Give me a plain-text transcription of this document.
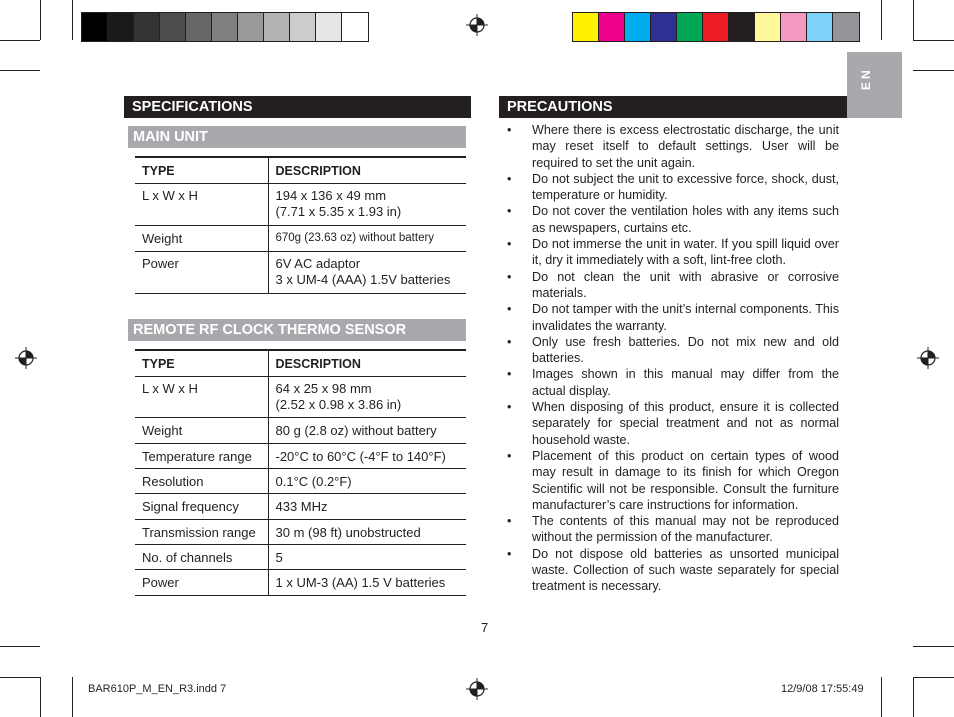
EN
SPECIFICATIONS
MAIN UNIT
TYPE	DESCRIPTION
L x W x H	194 x 136 x 49 mm
(7.71 x 5.35 x 1.93 in)

Weight	670g (23.63 oz) without battery
Power	6V AC adaptor
3 x UM-4 (AAA) 1.5V batteries
REMOTE RF CLOCK THERMO SENSOR
TYPE	DESCRIPTION
L x W x H	64 x 25 x 98 mm
(2.52 x 0.98 x 3.86 in)

Weight	80 g (2.8 oz) without battery
Temperature range	-20°C to 60°C (-4°F to 140°F)
Resolution	0.1°C (0.2°F)
Signal frequency	433 MHz
Transmission range	30 m (98 ft) unobstructed
No. of channels	5
Power	1 x UM-3 (AA) 1.5 V batteries
PRECAUTIONS
• Where there is excess electrostatic discharge, the unit may reset itself to default settings. User will be required to set the unit again.
• Do not subject the unit to excessive force, shock, dust, temperature or humidity.
• Do not cover the ventilation holes with any items such as newspapers, curtains etc.
• Do not immerse the unit in water. If you spill liquid over it, dry it immediately with a soft, lint-free cloth.
• Do not clean the unit with abrasive or corrosive materials.
• Do not tamper with the unit’s internal components. This invalidates the warranty.
• Only use fresh batteries. Do not mix new and old batteries.
• Images shown in this manual may differ from the actual display.
• When disposing of this product, ensure it is collected separately for special treatment and not as normal household waste.
• Placement of this product on certain types of wood may result in damage to its finish for which Oregon Scientific will not be responsible. Consult the furniture manufacturer’s care instructions for information.
• The contents of this manual may not be reproduced without the permission of the manufacturer.
• Do not dispose old batteries as unsorted municipal waste. Collection of such waste separately for special treatment is necessary.
7
BAR610P_M_EN_R3.indd 7	12/9/08 17:55:49
